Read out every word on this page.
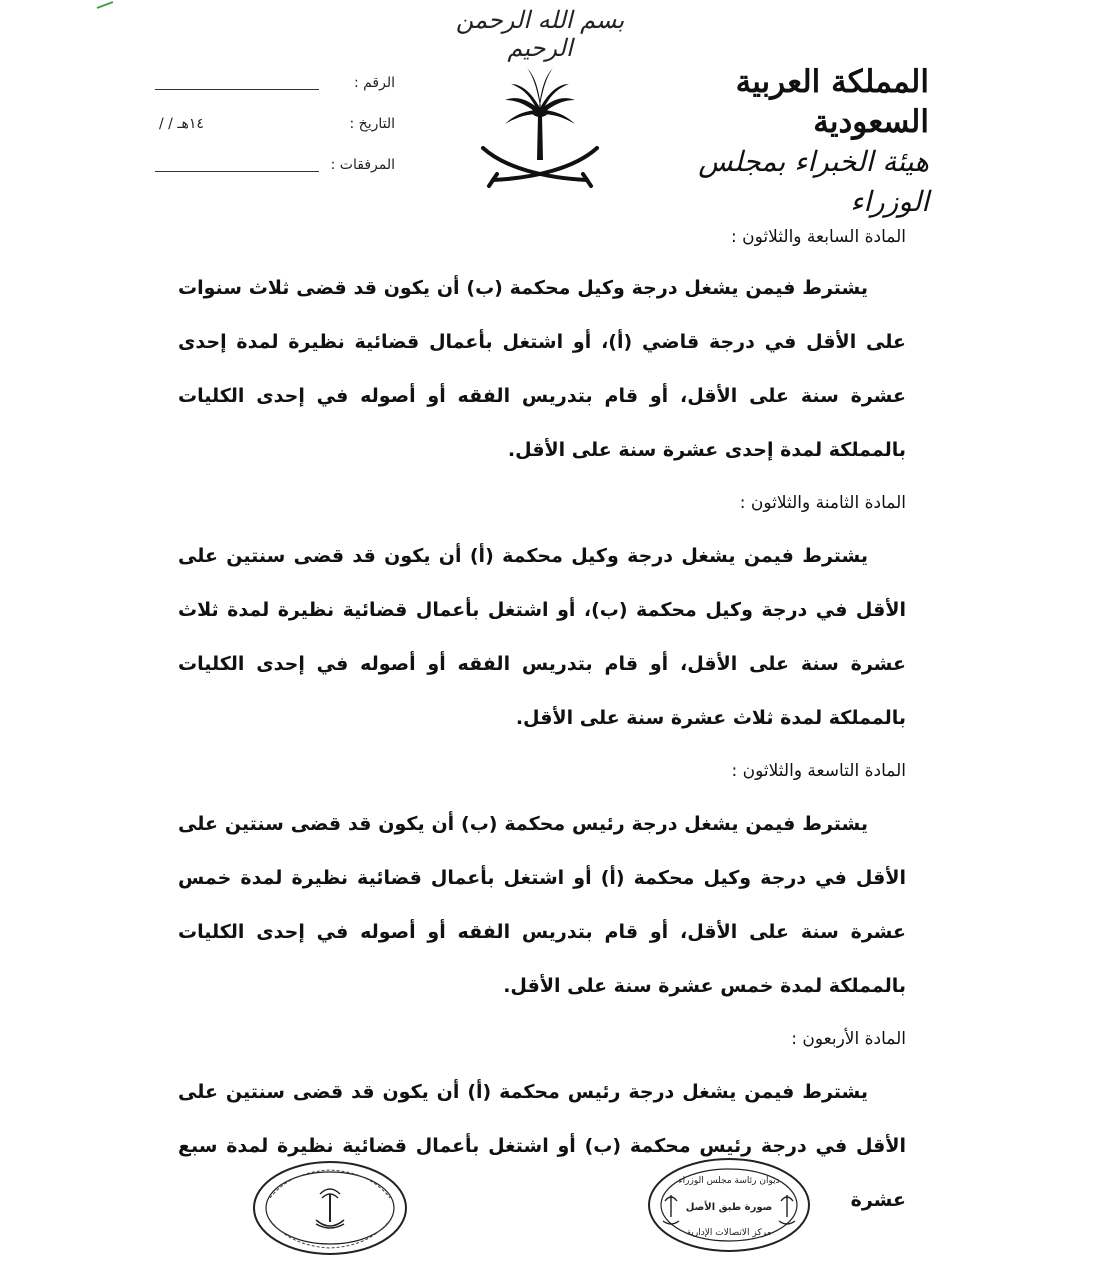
بسم الله الرحمن الرحيم
المملكة العربية السعودية
هيئة الخبراء بمجلس الوزراء
الرقم :
التاريخ :
/ / ١٤هـ
المرفقات :

المادة السابعة والثلاثون :

يشترط فيمن يشغل درجة وكيل محكمة (ب) أن يكون قد قضى ثلاث سنوات على الأقل في درجة قاضي (أ)، أو اشتغل بأعمال قضائية نظيرة لمدة إحدى عشرة سنة على الأقل، أو قام بتدريس الفقه أو أصوله في إحدى الكليات بالمملكة لمدة إحدى عشرة سنة على الأقل.

المادة الثامنة والثلاثون :

يشترط فيمن يشغل درجة وكيل محكمة (أ) أن يكون قد قضى سنتين على الأقل في درجة وكيل محكمة (ب)، أو اشتغل بأعمال قضائية نظيرة لمدة ثلاث عشرة سنة على الأقل، أو قام بتدريس الفقه أو أصوله في إحدى الكليات بالمملكة لمدة ثلاث عشرة سنة على الأقل.

المادة التاسعة والثلاثون :

يشترط فيمن يشغل درجة رئيس محكمة (ب) أن يكون قد قضى سنتين على الأقل في درجة وكيل محكمة (أ) أو اشتغل بأعمال قضائية نظيرة لمدة خمس عشرة سنة على الأقل، أو قام بتدريس الفقه أو أصوله في إحدى الكليات بالمملكة لمدة خمس عشرة سنة على الأقل.

المادة الأربعون :

يشترط فيمن يشغل درجة رئيس محكمة (أ) أن يكون قد قضى سنتين على الأقل في درجة رئيس محكمة (ب) أو اشتغل بأعمال قضائية نظيرة لمدة سبع عشرة

ديوان رئاسة مجلس الوزراء
صورة طبق الأصل
مركز الاتصالات الإدارية
